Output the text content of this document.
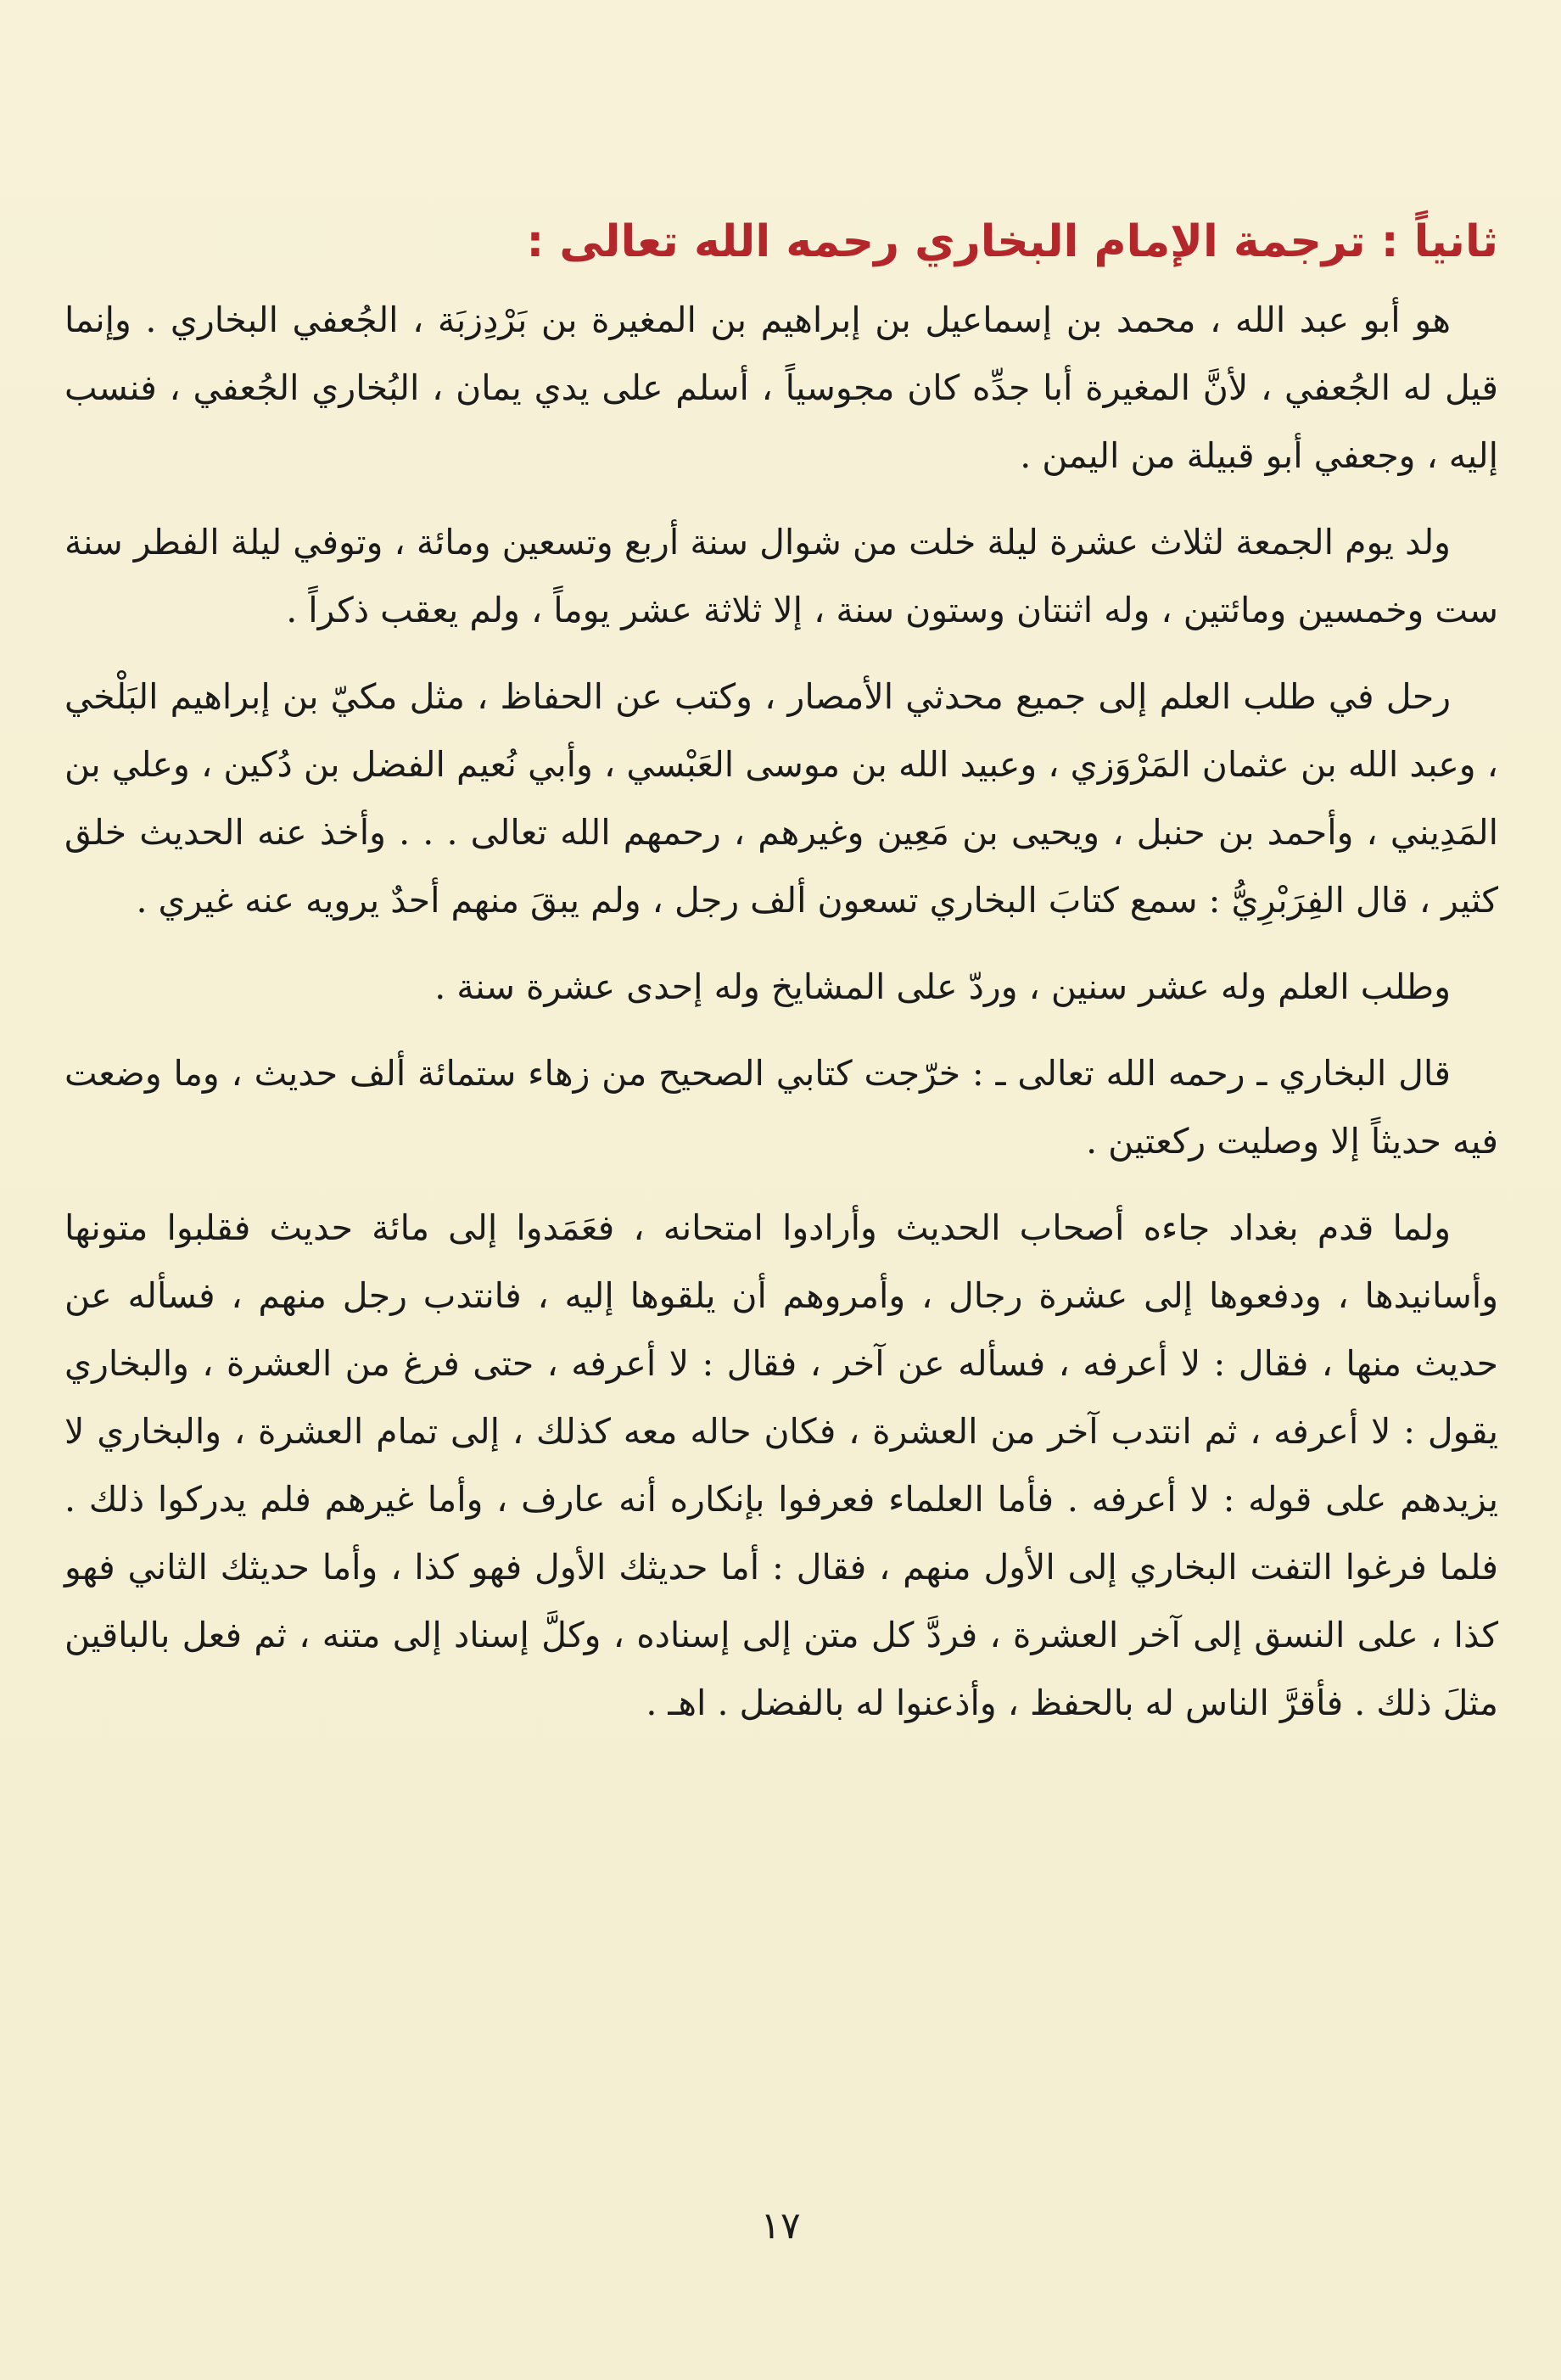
ثانياً : ترجمة الإمام البخاري رحمه الله تعالى :

هو أبو عبد الله ، محمد بن إسماعيل بن إبراهيم بن المغيرة بن بَرْدِزبَة ، الجُعفي البخاري . وإنما قيل له الجُعفي ، لأنَّ المغيرة أبا جدِّه كان مجوسياً ، أسلم على يدي يمان ، البُخاري الجُعفي ، فنسب إليه ، وجعفي أبو قبيلة من اليمن .

ولد يوم الجمعة لثلاث عشرة ليلة خلت من شوال سنة أربع وتسعين ومائة ، وتوفي ليلة الفطر سنة ست وخمسين ومائتين ، وله اثنتان وستون سنة ، إلا ثلاثة عشر يوماً ، ولم يعقب ذكراً .

رحل في طلب العلم إلى جميع محدثي الأمصار ، وكتب عن الحفاظ ، مثل مكيّ بن إبراهيم البَلْخي ، وعبد الله بن عثمان المَرْوَزي ، وعبيد الله بن موسى العَبْسي ، وأبي نُعيم الفضل بن دُكين ، وعلي بن المَدِيني ، وأحمد بن حنبل ، ويحيى بن مَعِين وغيرهم ، رحمهم الله تعالى . . . وأخذ عنه الحديث خلق كثير ، قال الفِرَبْرِيُّ : سمع كتابَ البخاري تسعون ألف رجل ، ولم يبقَ منهم أحدٌ يرويه عنه غيري .

وطلب العلم وله عشر سنين ، وردّ على المشايخ وله إحدى عشرة سنة .

قال البخاري ـ رحمه الله تعالى ـ : خرّجت كتابي الصحيح من زهاء ستمائة ألف حديث ، وما وضعت فيه حديثاً إلا وصليت ركعتين .

ولما قدم بغداد جاءه أصحاب الحديث وأرادوا امتحانه ، فعَمَدوا إلى مائة حديث فقلبوا متونها وأسانيدها ، ودفعوها إلى عشرة رجال ، وأمروهم أن يلقوها إليه ، فانتدب رجل منهم ، فسأله عن حديث منها ، فقال : لا أعرفه ، فسأله عن آخر ، فقال : لا أعرفه ، حتى فرغ من العشرة ، والبخاري يقول : لا أعرفه ، ثم انتدب آخر من العشرة ، فكان حاله معه كذلك ، إلى تمام العشرة ، والبخاري لا يزيدهم على قوله : لا أعرفه . فأما العلماء فعرفوا بإنكاره أنه عارف ، وأما غيرهم فلم يدركوا ذلك . فلما فرغوا التفت البخاري إلى الأول منهم ، فقال : أما حديثك الأول فهو كذا ، وأما حديثك الثاني فهو كذا ، على النسق إلى آخر العشرة ، فردَّ كل متن إلى إسناده ، وكلَّ إسناد إلى متنه ، ثم فعل بالباقين مثلَ ذلك . فأقرَّ الناس له بالحفظ ، وأذعنوا له بالفضل . اهـ .

١٧
